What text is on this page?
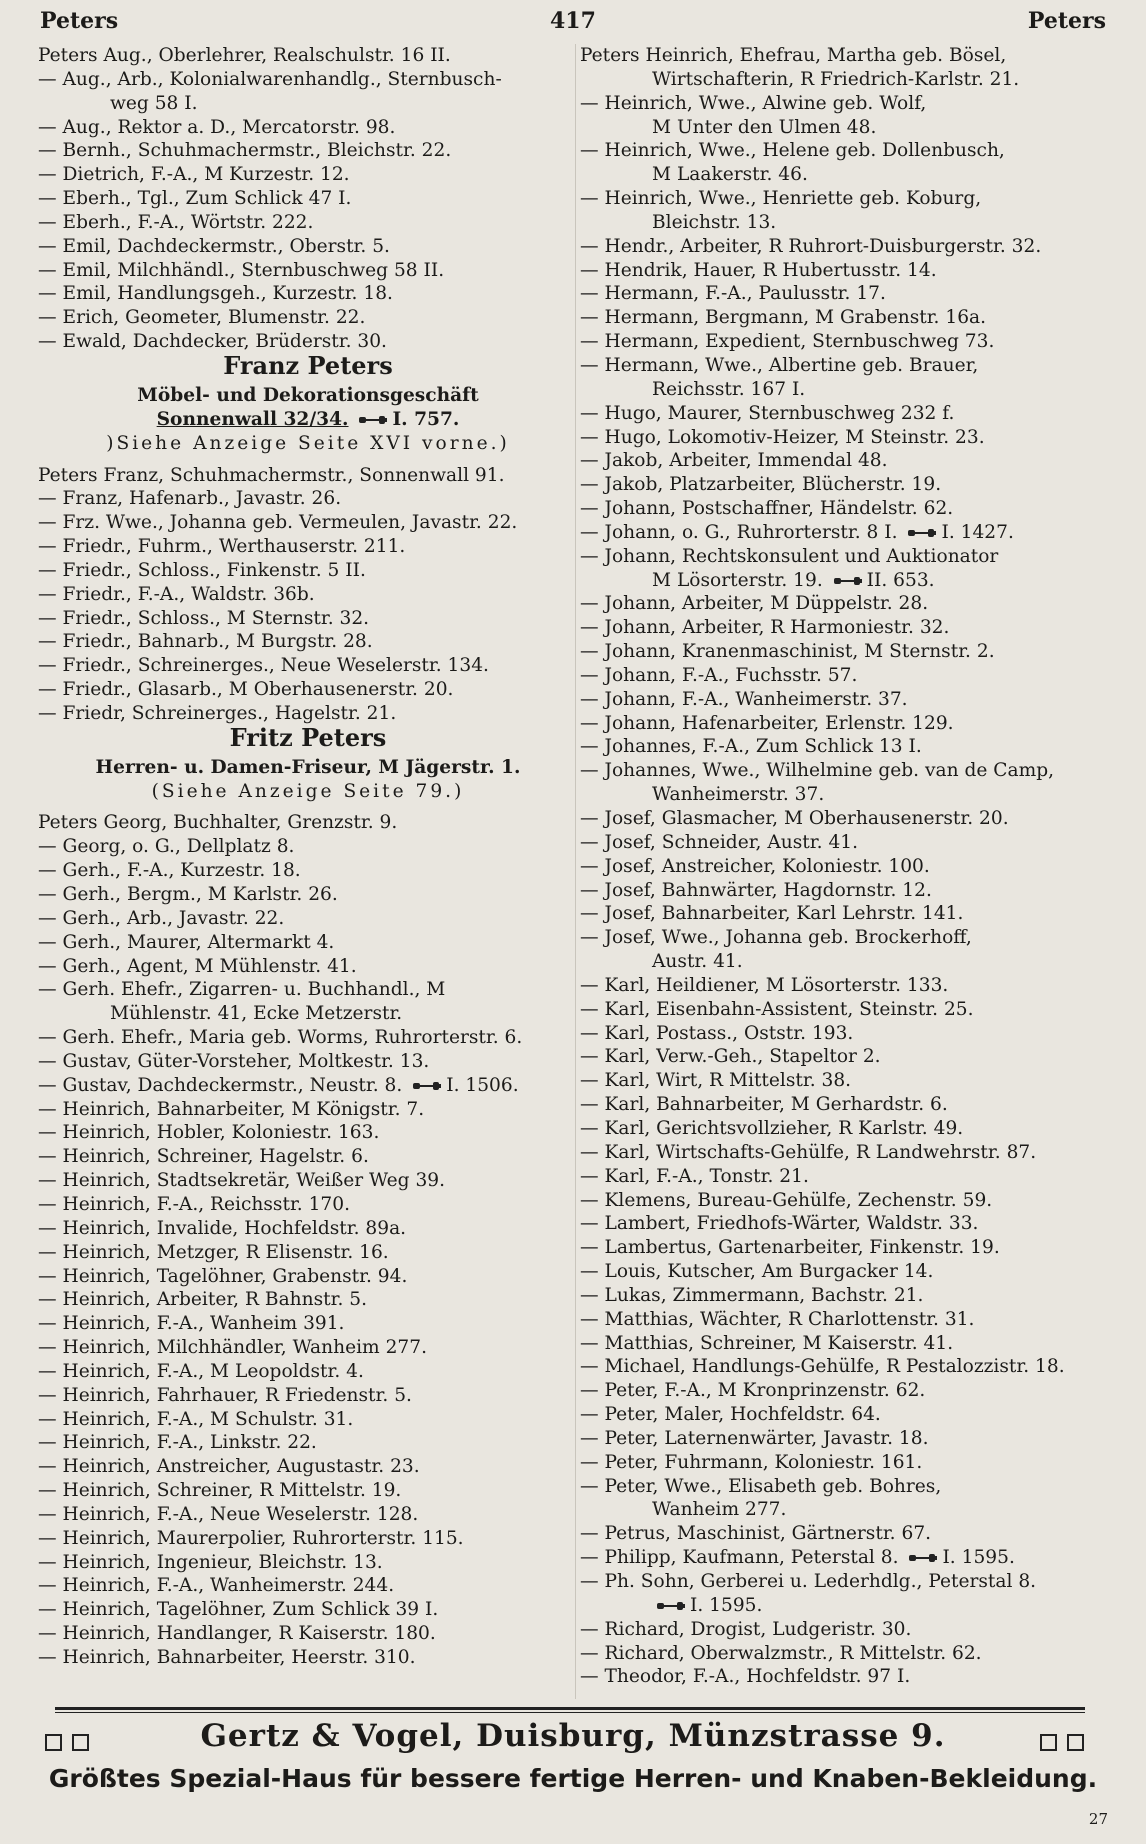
Peters	417	Peters
Peters Aug., Oberlehrer, Realschulstr. 16 II.
— Aug., Arb., Kolonialwarenhandlg., Sternbusch-
weg 58 I.
— Aug., Rektor a. D., Mercatorstr. 98.
— Bernh., Schuhmachermstr., Bleichstr. 22.
— Dietrich, F.-A., M Kurzestr. 12.
— Eberh., Tgl., Zum Schlick 47 I.
— Eberh., F.-A., Wörtstr. 222.
— Emil, Dachdeckermstr., Oberstr. 5.
— Emil, Milchhändl., Sternbuschweg 58 II.
— Emil, Handlungsgeh., Kurzestr. 18.
— Erich, Geometer, Blumenstr. 22.
— Ewald, Dachdecker, Brüderstr. 30.
Franz Peters
Möbel- und Dekorationsgeschäft
Sonnenwall 32/34. I. 757.
)Siehe Anzeige Seite XVI vorne.)
Peters Franz, Schuhmachermstr., Sonnenwall 91.
— Franz, Hafenarb., Javastr. 26.
— Frz. Wwe., Johanna geb. Vermeulen, Javastr. 22.
— Friedr., Fuhrm., Werthauserstr. 211.
— Friedr., Schloss., Finkenstr. 5 II.
— Friedr., F.-A., Waldstr. 36b.
— Friedr., Schloss., M Sternstr. 32.
— Friedr., Bahnarb., M Burgstr. 28.
— Friedr., Schreinerges., Neue Weselerstr. 134.
— Friedr., Glasarb., M Oberhausenerstr. 20.
— Friedr, Schreinerges., Hagelstr. 21.
Fritz Peters
Herren- u. Damen-Friseur, M Jägerstr. 1.
(Siehe Anzeige Seite 79.)
Peters Georg, Buchhalter, Grenzstr. 9.
— Georg, o. G., Dellplatz 8.
— Gerh., F.-A., Kurzestr. 18.
— Gerh., Bergm., M Karlstr. 26.
— Gerh., Arb., Javastr. 22.
— Gerh., Maurer, Altermarkt 4.
— Gerh., Agent, M Mühlenstr. 41.
— Gerh. Ehefr., Zigarren- u. Buchhandl., M
Mühlenstr. 41, Ecke Metzerstr.
— Gerh. Ehefr., Maria geb. Worms, Ruhrorterstr. 6.
— Gustav, Güter-Vorsteher, Moltkestr. 13.
— Gustav, Dachdeckermstr., Neustr. 8. I. 1506.
— Heinrich, Bahnarbeiter, M Königstr. 7.
— Heinrich, Hobler, Koloniestr. 163.
— Heinrich, Schreiner, Hagelstr. 6.
— Heinrich, Stadtsekretär, Weißer Weg 39.
— Heinrich, F.-A., Reichsstr. 170.
— Heinrich, Invalide, Hochfeldstr. 89a.
— Heinrich, Metzger, R Elisenstr. 16.
— Heinrich, Tagelöhner, Grabenstr. 94.
— Heinrich, Arbeiter, R Bahnstr. 5.
— Heinrich, F.-A., Wanheim 391.
— Heinrich, Milchhändler, Wanheim 277.
— Heinrich, F.-A., M Leopoldstr. 4.
— Heinrich, Fahrhauer, R Friedenstr. 5.
— Heinrich, F.-A., M Schulstr. 31.
— Heinrich, F.-A., Linkstr. 22.
— Heinrich, Anstreicher, Augustastr. 23.
— Heinrich, Schreiner, R Mittelstr. 19.
— Heinrich, F.-A., Neue Weselerstr. 128.
— Heinrich, Maurerpolier, Ruhrorterstr. 115.
— Heinrich, Ingenieur, Bleichstr. 13.
— Heinrich, F.-A., Wanheimerstr. 244.
— Heinrich, Tagelöhner, Zum Schlick 39 I.
— Heinrich, Handlanger, R Kaiserstr. 180.
— Heinrich, Bahnarbeiter, Heerstr. 310.
Peters Heinrich, Ehefrau, Martha geb. Bösel,
Wirtschafterin, R Friedrich-Karlstr. 21.
— Heinrich, Wwe., Alwine geb. Wolf,
M Unter den Ulmen 48.
— Heinrich, Wwe., Helene geb. Dollenbusch,
M Laakerstr. 46.
— Heinrich, Wwe., Henriette geb. Koburg,
Bleichstr. 13.
— Hendr., Arbeiter, R Ruhrort-Duisburgerstr. 32.
— Hendrik, Hauer, R Hubertusstr. 14.
— Hermann, F.-A., Paulusstr. 17.
— Hermann, Bergmann, M Grabenstr. 16a.
— Hermann, Expedient, Sternbuschweg 73.
— Hermann, Wwe., Albertine geb. Brauer,
Reichsstr. 167 I.
— Hugo, Maurer, Sternbuschweg 232 f.
— Hugo, Lokomotiv-Heizer, M Steinstr. 23.
— Jakob, Arbeiter, Immendal 48.
— Jakob, Platzarbeiter, Blücherstr. 19.
— Johann, Postschaffner, Händelstr. 62.
— Johann, o. G., Ruhrorterstr. 8 I. I. 1427.
— Johann, Rechtskonsulent und Auktionator
M Lösorterstr. 19. II. 653.
— Johann, Arbeiter, M Düppelstr. 28.
— Johann, Arbeiter, R Harmoniestr. 32.
— Johann, Kranenmaschinist, M Sternstr. 2.
— Johann, F.-A., Fuchsstr. 57.
— Johann, F.-A., Wanheimerstr. 37.
— Johann, Hafenarbeiter, Erlenstr. 129.
— Johannes, F.-A., Zum Schlick 13 I.
— Johannes, Wwe., Wilhelmine geb. van de Camp,
Wanheimerstr. 37.
— Josef, Glasmacher, M Oberhausenerstr. 20.
— Josef, Schneider, Austr. 41.
— Josef, Anstreicher, Koloniestr. 100.
— Josef, Bahnwärter, Hagdornstr. 12.
— Josef, Bahnarbeiter, Karl Lehrstr. 141.
— Josef, Wwe., Johanna geb. Brockerhoff,
Austr. 41.
— Karl, Heildiener, M Lösorterstr. 133.
— Karl, Eisenbahn-Assistent, Steinstr. 25.
— Karl, Postass., Oststr. 193.
— Karl, Verw.-Geh., Stapeltor 2.
— Karl, Wirt, R Mittelstr. 38.
— Karl, Bahnarbeiter, M Gerhardstr. 6.
— Karl, Gerichtsvollzieher, R Karlstr. 49.
— Karl, Wirtschafts-Gehülfe, R Landwehrstr. 87.
— Karl, F.-A., Tonstr. 21.
— Klemens, Bureau-Gehülfe, Zechenstr. 59.
— Lambert, Friedhofs-Wärter, Waldstr. 33.
— Lambertus, Gartenarbeiter, Finkenstr. 19.
— Louis, Kutscher, Am Burgacker 14.
— Lukas, Zimmermann, Bachstr. 21.
— Matthias, Wächter, R Charlottenstr. 31.
— Matthias, Schreiner, M Kaiserstr. 41.
— Michael, Handlungs-Gehülfe, R Pestalozzistr. 18.
— Peter, F.-A., M Kronprinzenstr. 62.
— Peter, Maler, Hochfeldstr. 64.
— Peter, Laternenwärter, Javastr. 18.
— Peter, Fuhrmann, Koloniestr. 161.
— Peter, Wwe., Elisabeth geb. Bohres,
Wanheim 277.
— Petrus, Maschinist, Gärtnerstr. 67.
— Philipp, Kaufmann, Peterstal 8. I. 1595.
— Ph. Sohn, Gerberei u. Lederhdlg., Peterstal 8.
I. 1595.
— Richard, Drogist, Ludgeristr. 30.
— Richard, Oberwalzmstr., R Mittelstr. 62.
— Theodor, F.-A., Hochfeldstr. 97 I.
Gertz & Vogel, Duisburg, Münzstrasse 9.
Größtes Spezial-Haus für bessere fertige Herren- und Knaben-Bekleidung.
27
